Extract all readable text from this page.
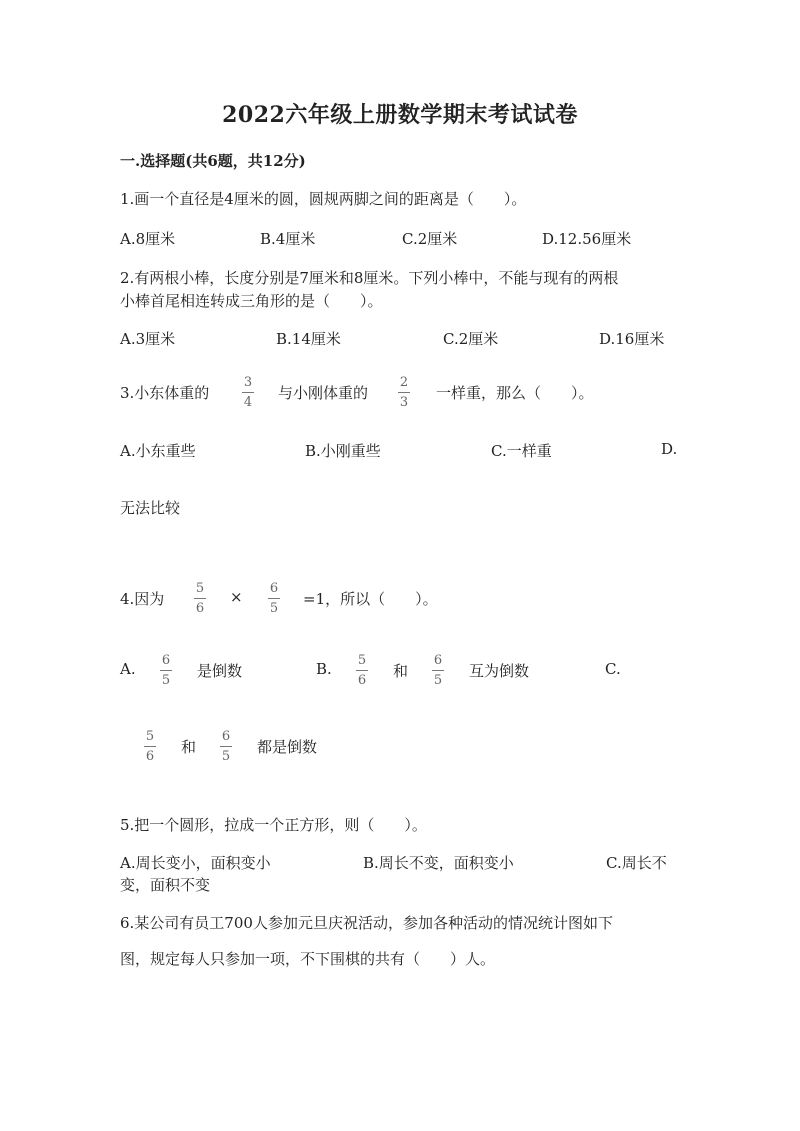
2022六年级上册数学期末考试试卷
一.选择题(共6题，共12分)
1.画一个直径是4厘米的圆，圆规两脚之间的距离是（　　）。
A.8厘米	B.4厘米	C.2厘米	D.12.56厘米
2.有两根小棒，长度分别是7厘米和8厘米。下列小棒中，不能与现有的两根
小棒首尾相连转成三角形的是（　　）。
A.3厘米	B.14厘米	C.2厘米	D.16厘米
3.小东体重的
3
4
与小刚体重的
2
3
一样重，那么（　　）。
A.小东重些	B.小刚重些	C.一样重	D.
无法比较
4.因为
5
6
× 6
5
=1，所以（　　）。
A. 6
5
是倒数	B. 5
6
和
6
5
互为倒数	C.
5
6
和
6
5
都是倒数
5.把一个圆形，拉成一个正方形，则（　　）。
A.周长变小，面积变小	B.周长不变，面积变小	C.周长不
变，面积不变
6.某公司有员工700人参加元旦庆祝活动，参加各种活动的情况统计图如下
图，规定每人只参加一项，不下围棋的共有（　　）人。
